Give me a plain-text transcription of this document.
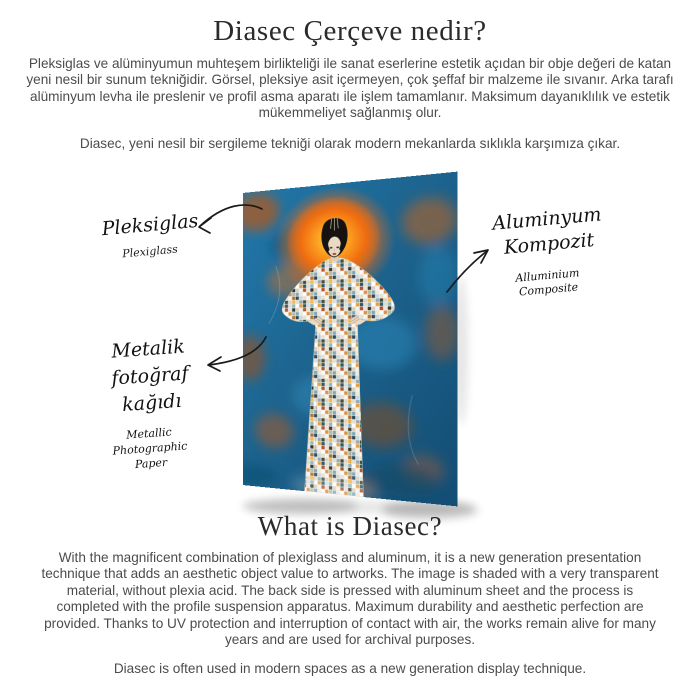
Diasec Çerçeve nedir?

Pleksiglas ve alüminyumun muhteşem birlikteliği ile sanat eserlerine estetik açıdan bir obje değeri de katan yeni nesil bir sunum tekniğidir. Görsel, pleksiye asit içermeyen, çok şeffaf bir malzeme ile sıvanır. Arka tarafı alüminyum levha ile preslenir ve profil asma aparatı ile işlem tamamlanır. Maksimum dayanıklılık ve estetik mükemmeliyet sağlanmış olur.

Diasec, yeni nesil bir sergileme tekniği olarak modern mekanlarda sıklıkla karşımıza çıkar.

Pleksiglas
Plexiglass
Metalik
fotoğraf
kağıdı
Metallic
Photographic
Paper
Aluminyum
Kompozit
Alluminium
Composite
What is Diasec?

With the magnificent combination of plexiglass and aluminum, it is a new generation presentation technique that adds an aesthetic object value to artworks. The image is shaded with a very transparent material, without plexia acid. The back side is pressed with aluminum sheet and the process is completed with the profile suspension apparatus. Maximum durability and aesthetic perfection are provided. Thanks to UV protection and interruption of contact with air, the works remain alive for many years and are used for archival purposes.

Diasec is often used in modern spaces as a new generation display technique.
